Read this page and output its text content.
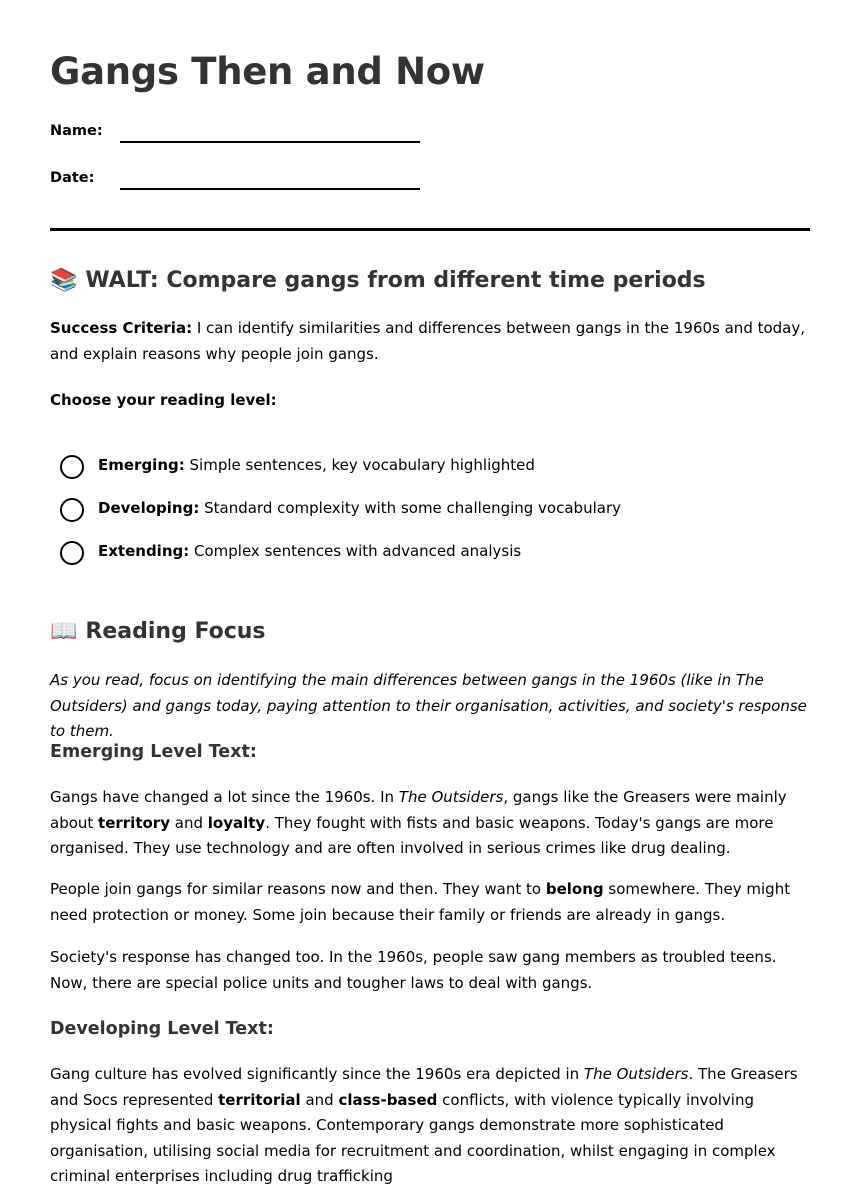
Gangs Then and Now
Name:
Date:
📚 WALT: Compare gangs from different time periods

Success Criteria: I can identify similarities and differences between gangs in the 1960s and today, and explain reasons why people join gangs.

Choose your reading level:

Emerging: Simple sentences, key vocabulary highlighted
Developing: Standard complexity with some challenging vocabulary
Extending: Complex sentences with advanced analysis
📖 Reading Focus

As you read, focus on identifying the main differences between gangs in the 1960s (like in The Outsiders) and gangs today, paying attention to their organisation, activities, and society's response to them.

Emerging Level Text:

Gangs have changed a lot since the 1960s. In The Outsiders, gangs like the Greasers were mainly about territory and loyalty. They fought with fists and basic weapons. Today's gangs are more organised. They use technology and are often involved in serious crimes like drug dealing.

People join gangs for similar reasons now and then. They want to belong somewhere. They might need protection or money. Some join because their family or friends are already in gangs.

Society's response has changed too. In the 1960s, people saw gang members as troubled teens. Now, there are special police units and tougher laws to deal with gangs.

Developing Level Text:

Gang culture has evolved significantly since the 1960s era depicted in The Outsiders. The Greasers and Socs represented territorial and class-based conflicts, with violence typically involving physical fights and basic weapons. Contemporary gangs demonstrate more sophisticated organisation, utilising social media for recruitment and coordination, whilst engaging in complex criminal enterprises including drug trafficking
